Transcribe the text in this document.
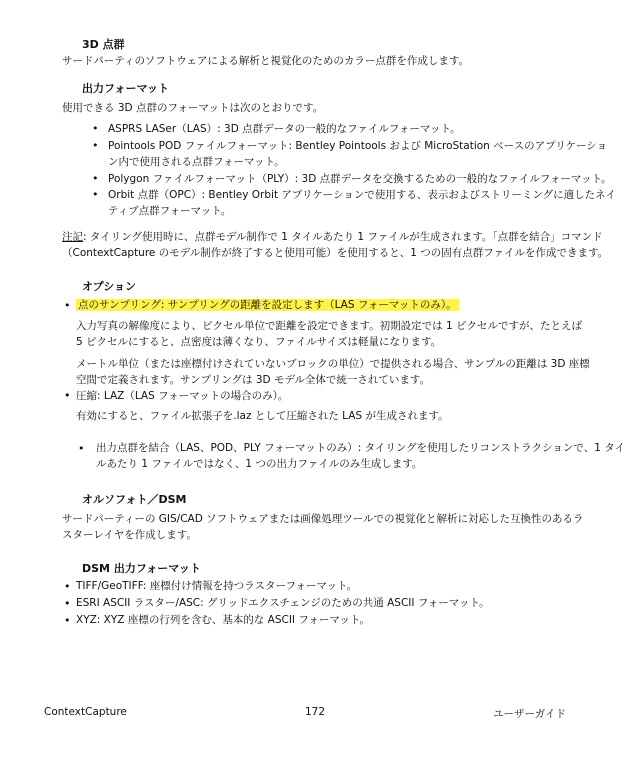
3D 点群
サードパーティのソフトウェアによる解析と視覚化のためのカラー点群を作成します。
出力フォーマット
使用できる 3D 点群のフォーマットは次のとおりです。
• ASPRS LASer（LAS）: 3D 点群データの一般的なファイルフォーマット。
• Pointools POD ファイルフォーマット: Bentley Pointools および MicroStation ベースのアプリケーショ
ン内で使用される点群フォーマット。
• Polygon ファイルフォーマット（PLY）: 3D 点群データを交換するための一般的なファイルフォーマット。
• Orbit 点群（OPC）: Bentley Orbit アプリケーションで使用する、表示およびストリーミングに適したネイ
ティブ点群フォーマット。
注記: タイリング使用時に、点群モデル制作で 1 タイルあたり 1 ファイルが生成されます。「点群を結合」コマンド
（ContextCapture のモデル制作が終了すると使用可能）を使用すると、1 つの固有点群ファイルを作成できます。
オプション
• 点のサンプリング: サンプリングの距離を設定します（LAS フォーマットのみ）。
入力写真の解像度により、ピクセル単位で距離を設定できます。初期設定では 1 ピクセルですが、たとえば
5 ピクセルにすると、点密度は薄くなり、ファイルサイズは軽量になります。
メートル単位（または座標付けされていないブロックの単位）で提供される場合、サンプルの距離は 3D 座標
空間で定義されます。サンプリングは 3D モデル全体で統一されています。
• 圧縮: LAZ（LAS フォーマットの場合のみ）。
有効にすると、ファイル拡張子を.laz として圧縮された LAS が生成されます。
• 出力点群を結合（LAS、POD、PLY フォーマットのみ）: タイリングを使用したリコンストラクションで、1 タイ
ルあたり 1 ファイルではなく、1 つの出力ファイルのみ生成します。
オルソフォト／DSM
サードパーティーの GIS/CAD ソフトウェアまたは画像処理ツールでの視覚化と解析に対応した互換性のあるラ
スターレイヤを作成します。
DSM 出力フォーマット
• TIFF/GeoTIFF: 座標付け情報を持つラスターフォーマット。
• ESRI ASCII ラスター/ASC: グリッドエクスチェンジのための共通 ASCII フォーマット。
• XYZ: XYZ 座標の行列を含む、基本的な ASCII フォーマット。
ContextCapture	172	ユーザーガイド
